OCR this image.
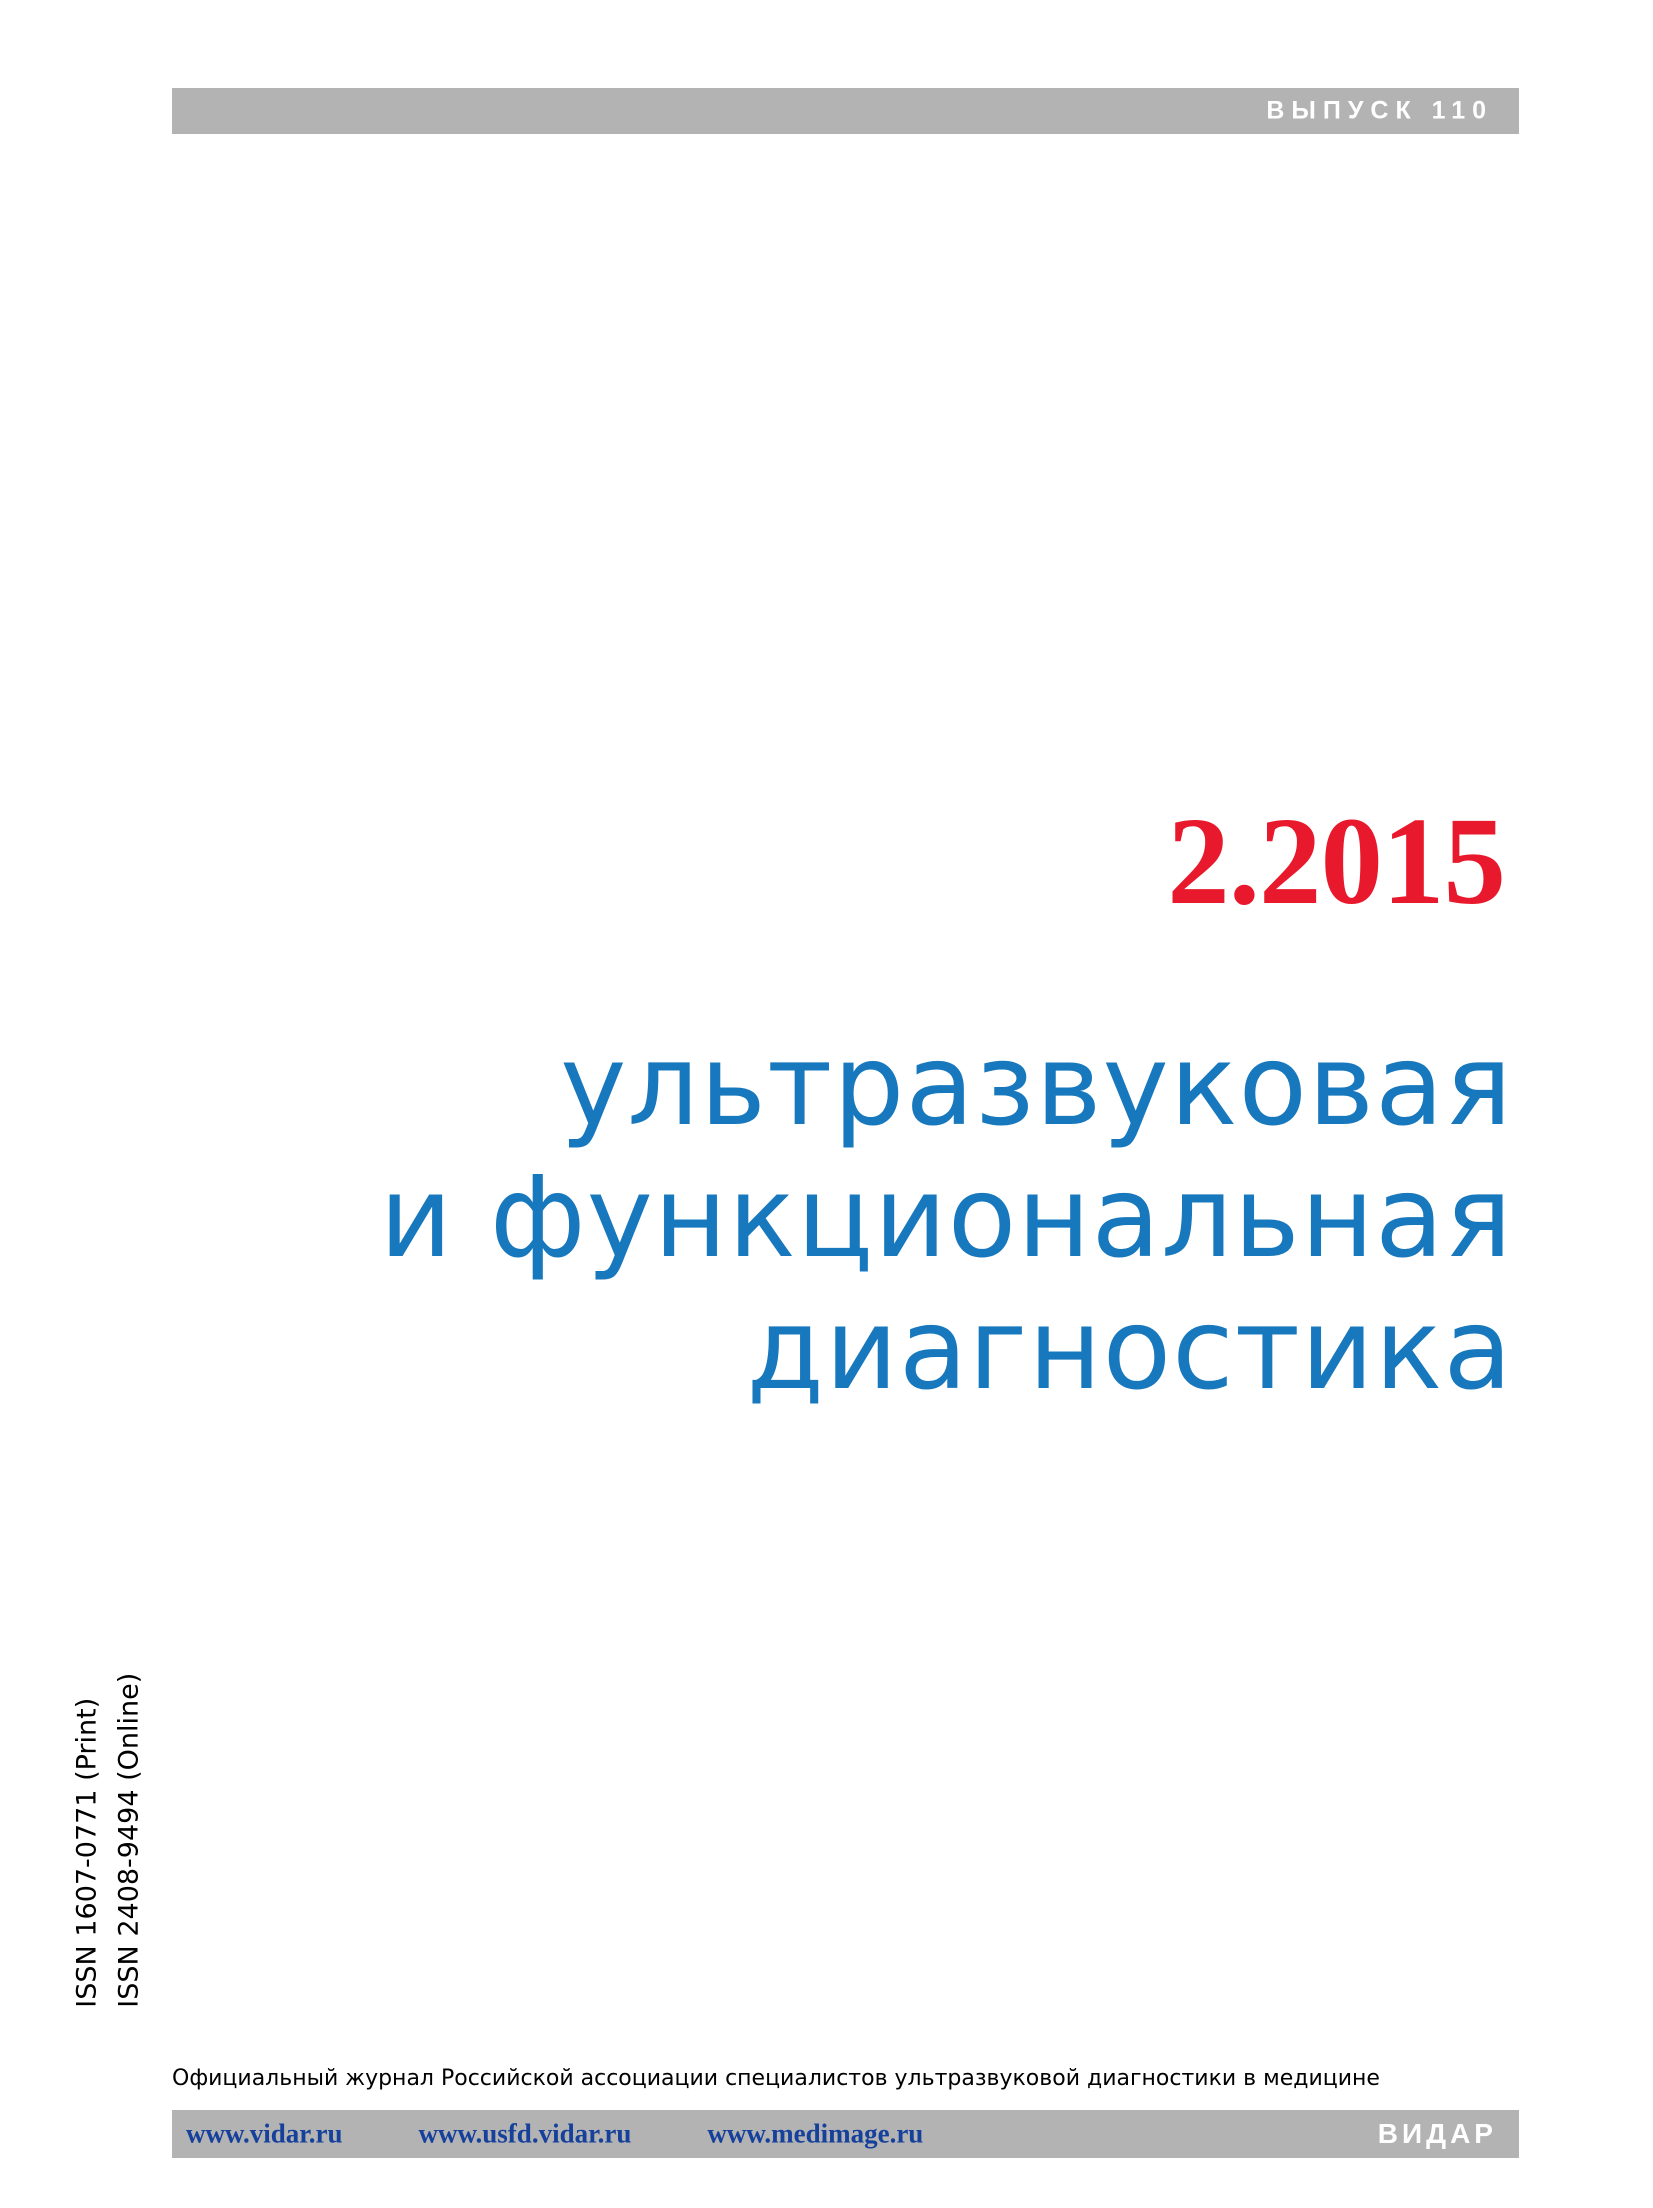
ВЫПУСК 110
2.2015
ультразвуковая
и функциональная
диагностика
ISSN 1607-0771 (Print) ISSN 2408-9494 (Online)
Официальный журнал Российской ассоциации специалистов ультразвуковой диагностики в медицине
www.vidar.ru	www.usfd.vidar.ru	www.medimage.ru	ВИДАР
